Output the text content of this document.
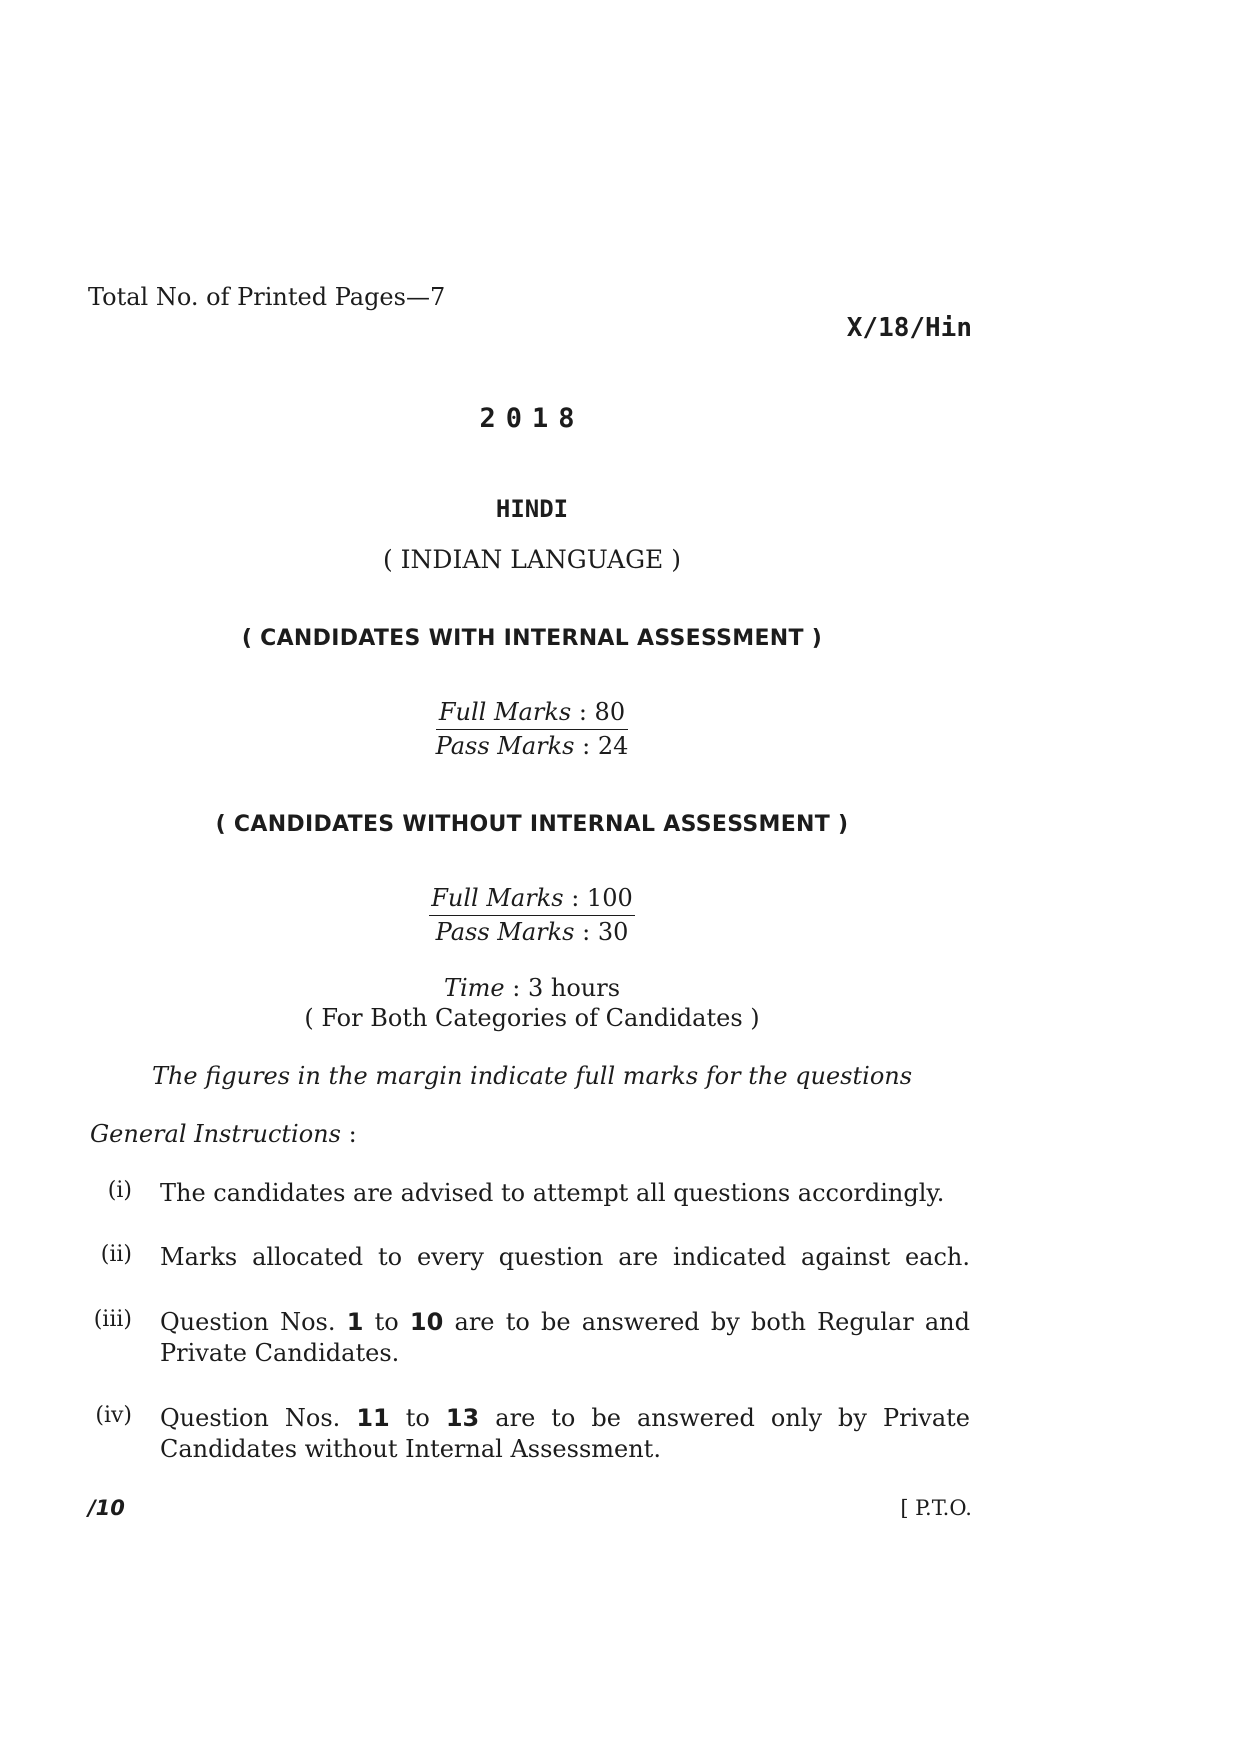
Total No. of Printed Pages—7
X/18/Hin
2018
HINDI
( INDIAN LANGUAGE )
( CANDIDATES WITH INTERNAL ASSESSMENT )
Full Marks : 80
Pass Marks : 24
( CANDIDATES WITHOUT INTERNAL ASSESSMENT )
Full Marks : 100
Pass Marks : 30
Time : 3 hours
( For Both Categories of Candidates )
The figures in the margin indicate full marks for the questions
General Instructions :
(i) The candidates are advised to attempt all questions accordingly.
(ii) Marks allocated to every question are indicated against each.
(iii) Question Nos. 1 to 10 are to be answered by both Regular and
Private Candidates.
(iv) Question Nos. 11 to 13 are to be answered only by Private
Candidates without Internal Assessment.
/10	[ P.T.O.
